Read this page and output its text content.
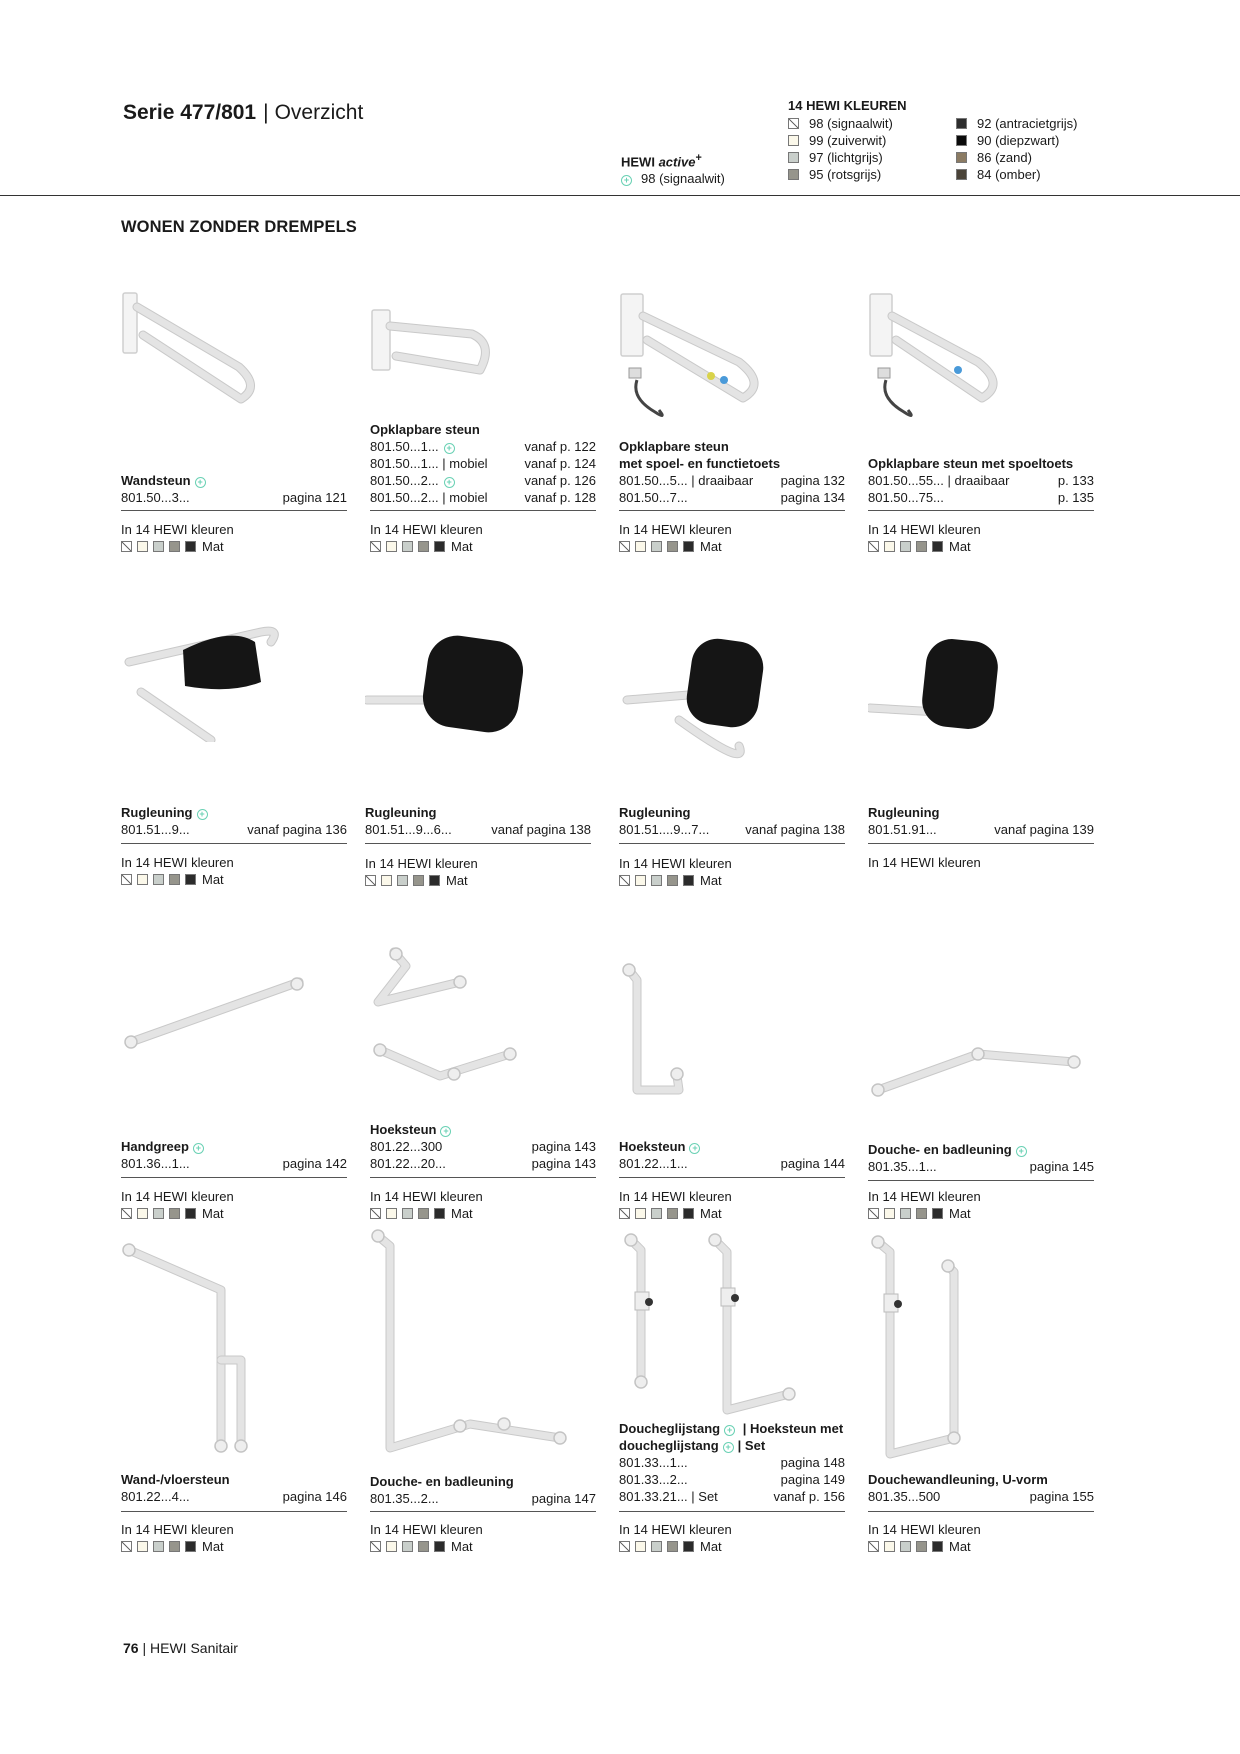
Serie 477/801 | Overzicht
HEWI active+
+ 98 (signaalwit)
14 HEWI KLEUREN
98 (signaalwit)
99 (zuiverwit)
97 (lichtgrijs)
95 (rotsgrijs)
92 (antracietgrijs)
90 (diepzwart)
86 (zand)
84 (omber)
WONEN ZONDER DREMPELS
Wandsteun +
801.50...3...	pagina 121
In 14 HEWI kleuren
Mat
Opklapbare steun
801.50...1... +	vanaf p. 122
801.50...1... | mobiel	vanaf p. 124
801.50...2... +	vanaf p. 126
801.50...2... | mobiel	vanaf p. 128
In 14 HEWI kleuren
Mat
Opklapbare steun
met spoel- en functietoets
801.50...5... | draaibaar pagina 132
801.50...7...	pagina 134
In 14 HEWI kleuren
Mat
Opklapbare steun met spoeltoets
801.50...55... | draaibaar	p. 133
801.50...75...	p. 135
In 14 HEWI kleuren
Mat
Rugleuning +
801.51...9...	vanaf pagina 136
In 14 HEWI kleuren
Mat
Rugleuning
801.51...9...6...	vanaf pagina 138
In 14 HEWI kleuren
Mat
Rugleuning
801.51....9...7...	vanaf pagina 138
In 14 HEWI kleuren
Mat
Rugleuning
801.51.91...	vanaf pagina 139
In 14 HEWI kleuren
Handgreep +
801.36...1...	pagina 142
In 14 HEWI kleuren
Mat
Hoeksteun +
801.22...300	pagina 143
801.22...20...	pagina 143
In 14 HEWI kleuren
Mat
Hoeksteun +
801.22...1...	pagina 144
In 14 HEWI kleuren
Mat
Douche- en badleuning +
801.35...1...	pagina 145
In 14 HEWI kleuren
Mat
Wand-/vloersteun
801.22...4...	pagina 146
In 14 HEWI kleuren
Mat
Douche- en badleuning
801.35...2...	pagina 147
In 14 HEWI kleuren
Mat
Doucheglijstang + | Hoeksteun met
doucheglijstang + | Set
801.33...1...	pagina 148
801.33...2...	pagina 149
801.33.21... | Set	vanaf p. 156
In 14 HEWI kleuren
Mat
Douchewandleuning, U-vorm
801.35...500	pagina 155
In 14 HEWI kleuren
Mat
76 | HEWI Sanitair
